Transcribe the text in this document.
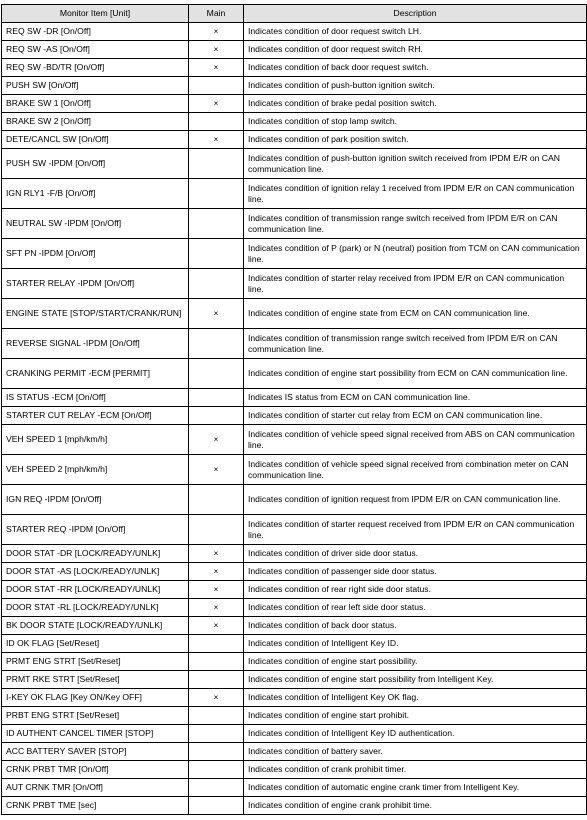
Monitor Item [Unit]	Main	Description
REQ SW -DR [On/Off]	×	Indicates condition of door request switch LH.
REQ SW -AS [On/Off]	×	Indicates condition of door request switch RH.
REQ SW -BD/TR [On/Off]	×	Indicates condition of back door request switch.
PUSH SW [On/Off]		Indicates condition of push-button ignition switch.
BRAKE SW 1 [On/Off]	×	Indicates condition of brake pedal position switch.
BRAKE SW 2 [On/Off]		Indicates condition of stop lamp switch.
DETE/CANCL SW [On/Off]	×	Indicates condition of park position switch.
PUSH SW -IPDM [On/Off]		Indicates condition of push-button ignition switch received from IPDM E/R on CAN communication line.
IGN RLY1 -F/B [On/Off]		Indicates condition of ignition relay 1 received from IPDM E/R on CAN communication line.
NEUTRAL SW -IPDM [On/Off]		Indicates condition of transmission range switch received from IPDM E/R on CAN communication line.
SFT PN -IPDM [On/Off]		Indicates condition of P (park) or N (neutral) position from TCM on CAN communication line.
STARTER RELAY -IPDM [On/Off]		Indicates condition of starter relay received from IPDM E/R on CAN communication line.
ENGINE STATE [STOP/START/CRANK/RUN]	×	Indicates condition of engine state from ECM on CAN communication line.
REVERSE SIGNAL -IPDM [On/Off]		Indicates condition of transmission range switch received from IPDM E/R on CAN communication line.
CRANKING PERMIT -ECM [PERMIT]		Indicates condition of engine start possibility from ECM on CAN communication line.
IS STATUS -ECM [On/Off]		Indicates IS status from ECM on CAN communication line.
STARTER CUT RELAY -ECM [On/Off]		Indicates condition of starter cut relay from ECM on CAN communication line.
VEH SPEED 1 [mph/km/h]	×	Indicates condition of vehicle speed signal received from ABS on CAN communication line.
VEH SPEED 2 [mph/km/h]	×	Indicates condition of vehicle speed signal received from combination meter on CAN communication line.
IGN REQ -IPDM [On/Off]		Indicates condition of ignition request from IPDM E/R on CAN communication line.
STARTER REQ -IPDM [On/Off]		Indicates condition of starter request received from IPDM E/R on CAN communication line.
DOOR STAT -DR [LOCK/READY/UNLK]	×	Indicates condition of driver side door status.
DOOR STAT -AS [LOCK/READY/UNLK]	×	Indicates condition of passenger side door status.
DOOR STAT -RR [LOCK/READY/UNLK]	×	Indicates condition of rear right side door status.
DOOR STAT -RL [LOCK/READY/UNLK]	×	Indicates condition of rear left side door status.
BK DOOR STATE [LOCK/READY/UNLK]	×	Indicates condition of back door status.
ID OK FLAG [Set/Reset]		Indicates condition of Intelligent Key ID.
PRMT ENG STRT [Set/Reset]		Indicates condition of engine start possibility.
PRMT RKE STRT [Set/Reset]		Indicates condition of engine start possibility from Intelligent Key.
I-KEY OK FLAG [Key ON/Key OFF]	×	Indicates condition of Intelligent Key OK flag.
PRBT ENG STRT [Set/Reset]		Indicates condition of engine start prohibit.
ID AUTHENT CANCEL TIMER [STOP]		Indicates condition of Intelligent Key ID authentication.
ACC BATTERY SAVER [STOP]		Indicates condition of battery saver.
CRNK PRBT TMR [On/Off]		Indicates condition of crank prohibit timer.
AUT CRNK TMR [On/Off]		Indicates condition of automatic engine crank timer from Intelligent Key.
CRNK PRBT TME [sec]		Indicates condition of engine crank prohibit time.
